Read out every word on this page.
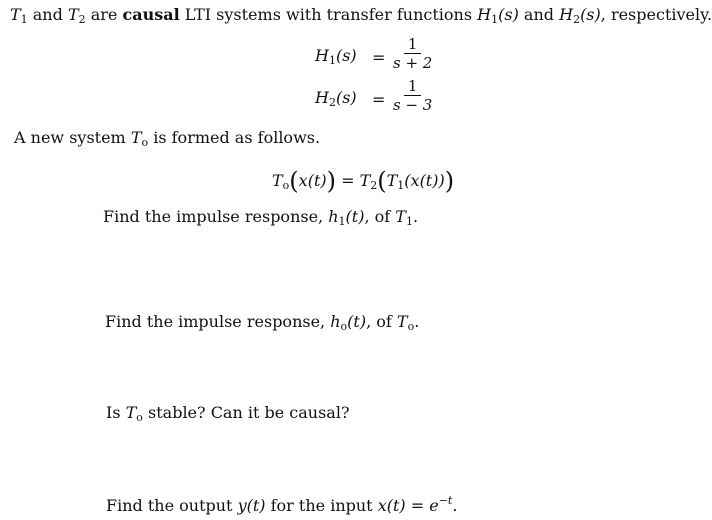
$T_1$ and $T_2$ are causal LTI systems with transfer functions $H_1(s)$ and $H_2(s)$, respectively.
$H_1(s) = \frac{1}{s + 2}$
$H_2(s) = \frac{1}{s - 3}$
A new system $T_o$ is formed as follows.
$T_o(x(t)) = T_2(T_1(x(t)))$
Find the impulse response, $h_1(t)$, of $T_1$.
Find the impulse response, $h_o(t)$, of $T_o$.
Is $T_o$ stable? Can it be causal?
Find the output y(t) for the input $x(t) = e^{-t}$.
